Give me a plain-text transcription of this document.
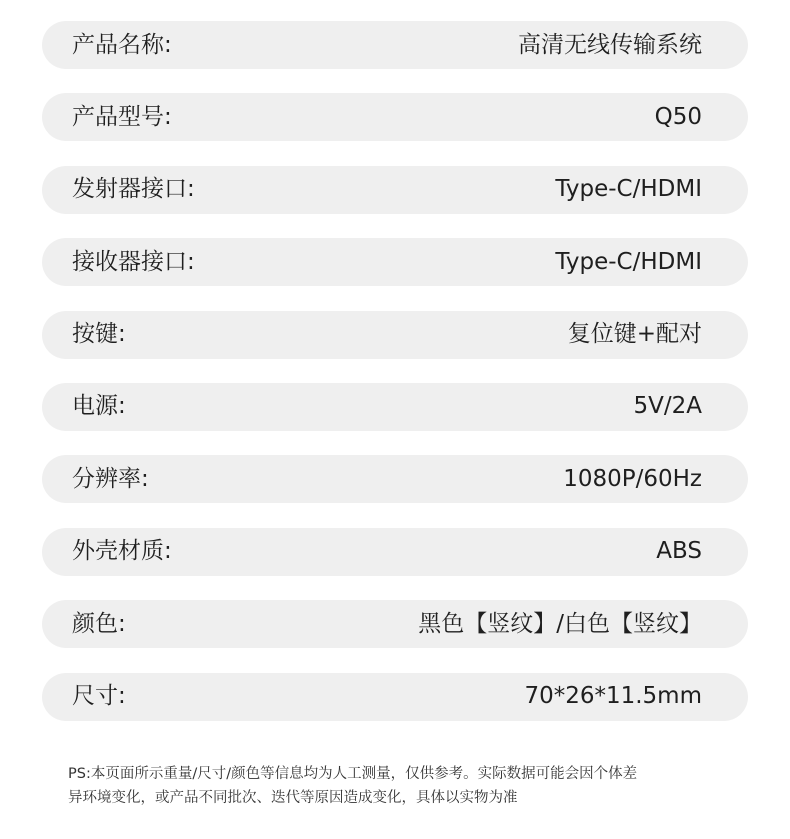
产品名称:	高清无线传输系统
产品型号:	Q50
发射器接口:	Type-C/HDMI
接收器接口:	Type-C/HDMI
按键:	复位键+配对
电源:	5V/2A
分辨率:	1080P/60Hz
外壳材质:	ABS
颜色:	黑色【竖纹】/白色【竖纹】
尺寸:	70*26*11.5mm

PS:本页面所示重量/尺寸/颜色等信息均为人工测量，仅供参考。实际数据可能会因个体差

异环境变化，或产品不同批次、迭代等原因造成变化，具体以实物为准
